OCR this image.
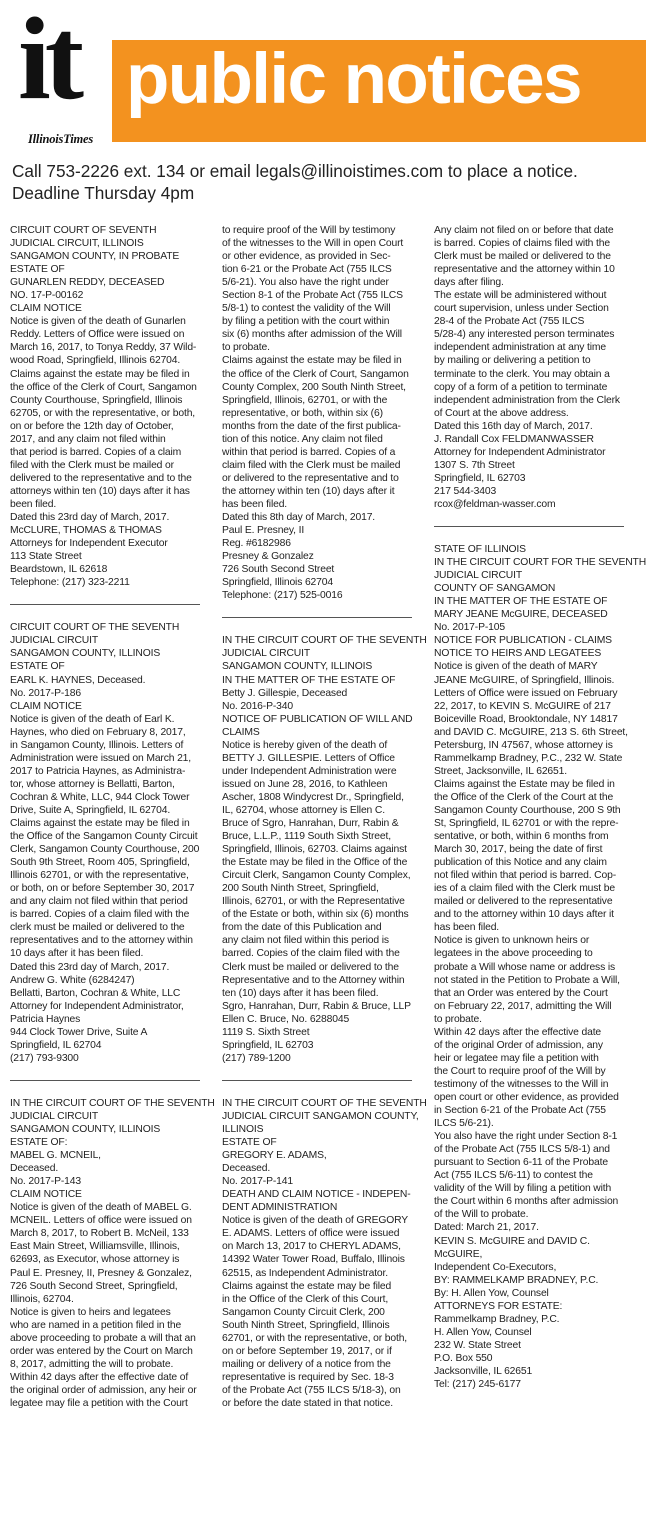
it
IllinoisTimes
public notices
Call 753-2226 ext. 134 or email legals@illinoistimes.com to place a notice.
Deadline Thursday 4pm
CIRCUIT COURT OF SEVENTH
JUDICIAL CIRCUIT, ILLINOIS
SANGAMON COUNTY, IN PROBATE
ESTATE OF
GUNARLEN REDDY, DECEASED
NO. 17-P-00162
CLAIM NOTICE
Notice is given of the death of Gunarlen
Reddy. Letters of Office were issued on
March 16, 2017, to Tonya Reddy, 37 Wild-
wood Road, Springfield, Illinois 62704.
Claims against the estate may be filed in
the office of the Clerk of Court, Sangamon
County Courthouse, Springfield, Illinois
62705, or with the representative, or both,
on or before the 12th day of October,
2017, and any claim not filed within
that period is barred. Copies of a claim
filed with the Clerk must be mailed or
delivered to the representative and to the
attorneys within ten (10) days after it has
been filed.
Dated this 23rd day of March, 2017.
McCLURE, THOMAS & THOMAS
Attorneys for Independent Executor
113 State Street
Beardstown, IL 62618
Telephone: (217) 323-2211
CIRCUIT COURT OF THE SEVENTH
JUDICIAL CIRCUIT
SANGAMON COUNTY, ILLINOIS
ESTATE OF
EARL K. HAYNES, Deceased.
No. 2017-P-186
CLAIM NOTICE
Notice is given of the death of Earl K.
Haynes, who died on February 8, 2017,
in Sangamon County, Illinois. Letters of
Administration were issued on March 21,
2017 to Patricia Haynes, as Administra-
tor, whose attorney is Bellatti, Barton,
Cochran & White, LLC, 944 Clock Tower
Drive, Suite A, Springfield, IL 62704.
Claims against the estate may be filed in
the Office of the Sangamon County Circuit
Clerk, Sangamon County Courthouse, 200
South 9th Street, Room 405, Springfield,
Illinois 62701, or with the representative,
or both, on or before September 30, 2017
and any claim not filed within that period
is barred. Copies of a claim filed with the
clerk must be mailed or delivered to the
representatives and to the attorney within
10 days after it has been filed.
Dated this 23rd day of March, 2017.
Andrew G. White (6284247)
Bellatti, Barton, Cochran & White, LLC
Attorney for Independent Administrator,
Patricia Haynes
944 Clock Tower Drive, Suite A
Springfield, IL 62704
(217) 793-9300
IN THE CIRCUIT COURT OF THE SEVENTH
JUDICIAL CIRCUIT
SANGAMON COUNTY, ILLINOIS
ESTATE OF:
MABEL G. MCNEIL,
Deceased.
No. 2017-P-143
CLAIM NOTICE
Notice is given of the death of MABEL G.
MCNEIL. Letters of office were issued on
March 8, 2017, to Robert B. McNeil, 133
East Main Street, Williamsville, Illinois,
62693, as Executor, whose attorney is
Paul E. Presney, II, Presney & Gonzalez,
726 South Second Street, Springfield,
Illinois, 62704.
Notice is given to heirs and legatees
who are named in a petition filed in the
above proceeding to probate a will that an
order was entered by the Court on March
8, 2017, admitting the will to probate.
Within 42 days after the effective date of
the original order of admission, any heir or
legatee may file a petition with the Court
to require proof of the Will by testimony
of the witnesses to the Will in open Court
or other evidence, as provided in Sec-
tion 6-21 or the Probate Act (755 ILCS
5/6-21). You also have the right under
Section 8-1 of the Probate Act (755 ILCS
5/8-1) to contest the validity of the Will
by filing a petition with the court within
six (6) months after admission of the Will
to probate.
Claims against the estate may be filed in
the office of the Clerk of Court, Sangamon
County Complex, 200 South Ninth Street,
Springfield, Illinois, 62701, or with the
representative, or both, within six (6)
months from the date of the first publica-
tion of this notice. Any claim not filed
within that period is barred. Copies of a
claim filed with the Clerk must be mailed
or delivered to the representative and to
the attorney within ten (10) days after it
has been filed.
Dated this 8th day of March, 2017.
Paul E. Presney, II
Reg. #6182986
Presney & Gonzalez
726 South Second Street
Springfield, Illinois 62704
Telephone: (217) 525-0016
IN THE CIRCUIT COURT OF THE SEVENTH
JUDICIAL CIRCUIT
SANGAMON COUNTY, ILLINOIS
IN THE MATTER OF THE ESTATE OF
Betty J. Gillespie, Deceased
No. 2016-P-340
NOTICE OF PUBLICATION OF WILL AND
CLAIMS
Notice is hereby given of the death of
BETTY J. GILLESPIE. Letters of Office
under Independent Administration were
issued on June 28, 2016, to Kathleen
Ascher, 1808 Windycrest Dr., Springfield,
IL, 62704, whose attorney is Ellen C.
Bruce of Sgro, Hanrahan, Durr, Rabin &
Bruce, L.L.P., 1119 South Sixth Street,
Springfield, Illinois, 62703. Claims against
the Estate may be filed in the Office of the
Circuit Clerk, Sangamon County Complex,
200 South Ninth Street, Springfield,
Illinois, 62701, or with the Representative
of the Estate or both, within six (6) months
from the date of this Publication and
any claim not filed within this period is
barred. Copies of the claim filed with the
Clerk must be mailed or delivered to the
Representative and to the Attorney within
ten (10) days after it has been filed.
Sgro, Hanrahan, Durr, Rabin & Bruce, LLP
Ellen C. Bruce, No. 6288045
1119 S. Sixth Street
Springfield, IL 62703
(217) 789-1200
IN THE CIRCUIT COURT OF THE SEVENTH
JUDICIAL CIRCUIT SANGAMON COUNTY,
ILLINOIS
ESTATE OF
GREGORY E. ADAMS,
Deceased.
No. 2017-P-141
DEATH AND CLAIM NOTICE - INDEPEN-
DENT ADMINISTRATION
Notice is given of the death of GREGORY
E. ADAMS. Letters of office were issued
on March 13, 2017 to CHERYL ADAMS,
14392 Water Tower Road, Buffalo, Illinois
62515, as Independent Administrator.
Claims against the estate may be filed
in the Office of the Clerk of this Court,
Sangamon County Circuit Clerk, 200
South Ninth Street, Springfield, Illinois
62701, or with the representative, or both,
on or before September 19, 2017, or if
mailing or delivery of a notice from the
representative is required by Sec. 18-3
of the Probate Act (755 ILCS 5/18-3), on
or before the date stated in that notice.
Any claim not filed on or before that date
is barred. Copies of claims filed with the
Clerk must be mailed or delivered to the
representative and the attorney within 10
days after filing.
The estate will be administered without
court supervision, unless under Section
28-4 of the Probate Act (755 ILCS
5/28-4) any interested person terminates
independent administration at any time
by mailing or delivering a petition to
terminate to the clerk. You may obtain a
copy of a form of a petition to terminate
independent administration from the Clerk
of Court at the above address.
Dated this 16th day of March, 2017.
J. Randall Cox FELDMANWASSER
Attorney for Independent Administrator
1307 S. 7th Street
Springfield, IL 62703
217 544-3403
rcox@feldman-wasser.com
STATE OF ILLINOIS
IN THE CIRCUIT COURT FOR THE SEVENTH
JUDICIAL CIRCUIT
COUNTY OF SANGAMON
IN THE MATTER OF THE ESTATE OF
MARY JEANE McGUIRE, DECEASED
No. 2017-P-105
NOTICE FOR PUBLICATION - CLAIMS
NOTICE TO HEIRS AND LEGATEES
Notice is given of the death of MARY
JEANE McGUIRE, of Springfield, Illinois.
Letters of Office were issued on February
22, 2017, to KEVIN S. McGUIRE of 217
Boiceville Road, Brooktondale, NY 14817
and DAVID C. McGUIRE, 213 S. 6th Street,
Petersburg, IN 47567, whose attorney is
Rammelkamp Bradney, P.C., 232 W. State
Street, Jacksonville, IL 62651.
Claims against the Estate may be filed in
the Office of the Clerk of the Court at the
Sangamon County Courthouse, 200 S 9th
St, Springfield, IL 62701 or with the repre-
sentative, or both, within 6 months from
March 30, 2017, being the date of first
publication of this Notice and any claim
not filed within that period is barred. Cop-
ies of a claim filed with the Clerk must be
mailed or delivered to the representative
and to the attorney within 10 days after it
has been filed.
Notice is given to unknown heirs or
legatees in the above proceeding to
probate a Will whose name or address is
not stated in the Petition to Probate a Will,
that an Order was entered by the Court
on February 22, 2017, admitting the Will
to probate.
Within 42 days after the effective date
of the original Order of admission, any
heir or legatee may file a petition with
the Court to require proof of the Will by
testimony of the witnesses to the Will in
open court or other evidence, as provided
in Section 6-21 of the Probate Act (755
ILCS 5/6-21).
You also have the right under Section 8-1
of the Probate Act (755 ILCS 5/8-1) and
pursuant to Section 6-11 of the Probate
Act (755 ILCS 5/6-11) to contest the
validity of the Will by filing a petition with
the Court within 6 months after admission
of the Will to probate.
Dated: March 21, 2017.
KEVIN S. McGUIRE and DAVID C.
McGUIRE,
Independent Co-Executors,
BY: RAMMELKAMP BRADNEY, P.C.
By: H. Allen Yow, Counsel
ATTORNEYS FOR ESTATE:
Rammelkamp Bradney, P.C.
H. Allen Yow, Counsel
232 W. State Street
P.O. Box 550
Jacksonville, IL 62651
Tel: (217) 245-6177
